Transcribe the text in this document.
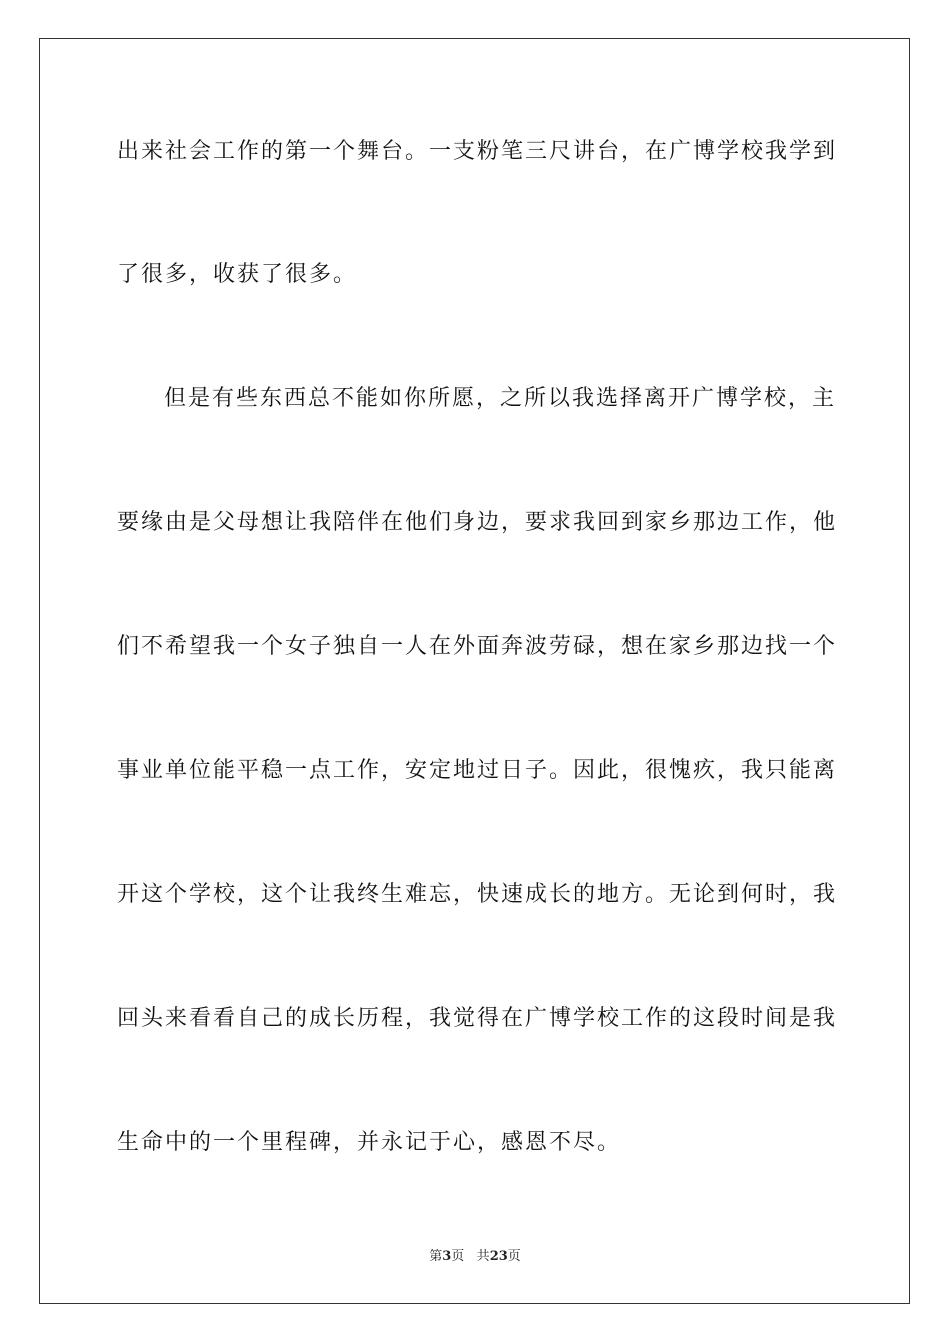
出来社会工作的第一个舞台。一支粉笔三尺讲台，在广博学校我学到
了很多，收获了很多。
但是有些东西总不能如你所愿，之所以我选择离开广博学校，主
要缘由是父母想让我陪伴在他们身边，要求我回到家乡那边工作，他
们不希望我一个女子独自一人在外面奔波劳碌，想在家乡那边找一个
事业单位能平稳一点工作，安定地过日子。因此，很愧疚，我只能离
开这个学校，这个让我终生难忘，快速成长的地方。无论到何时，我
回头来看看自己的成长历程，我觉得在广博学校工作的这段时间是我
生命中的一个里程碑，并永记于心，感恩不尽。
第3页 共23页
